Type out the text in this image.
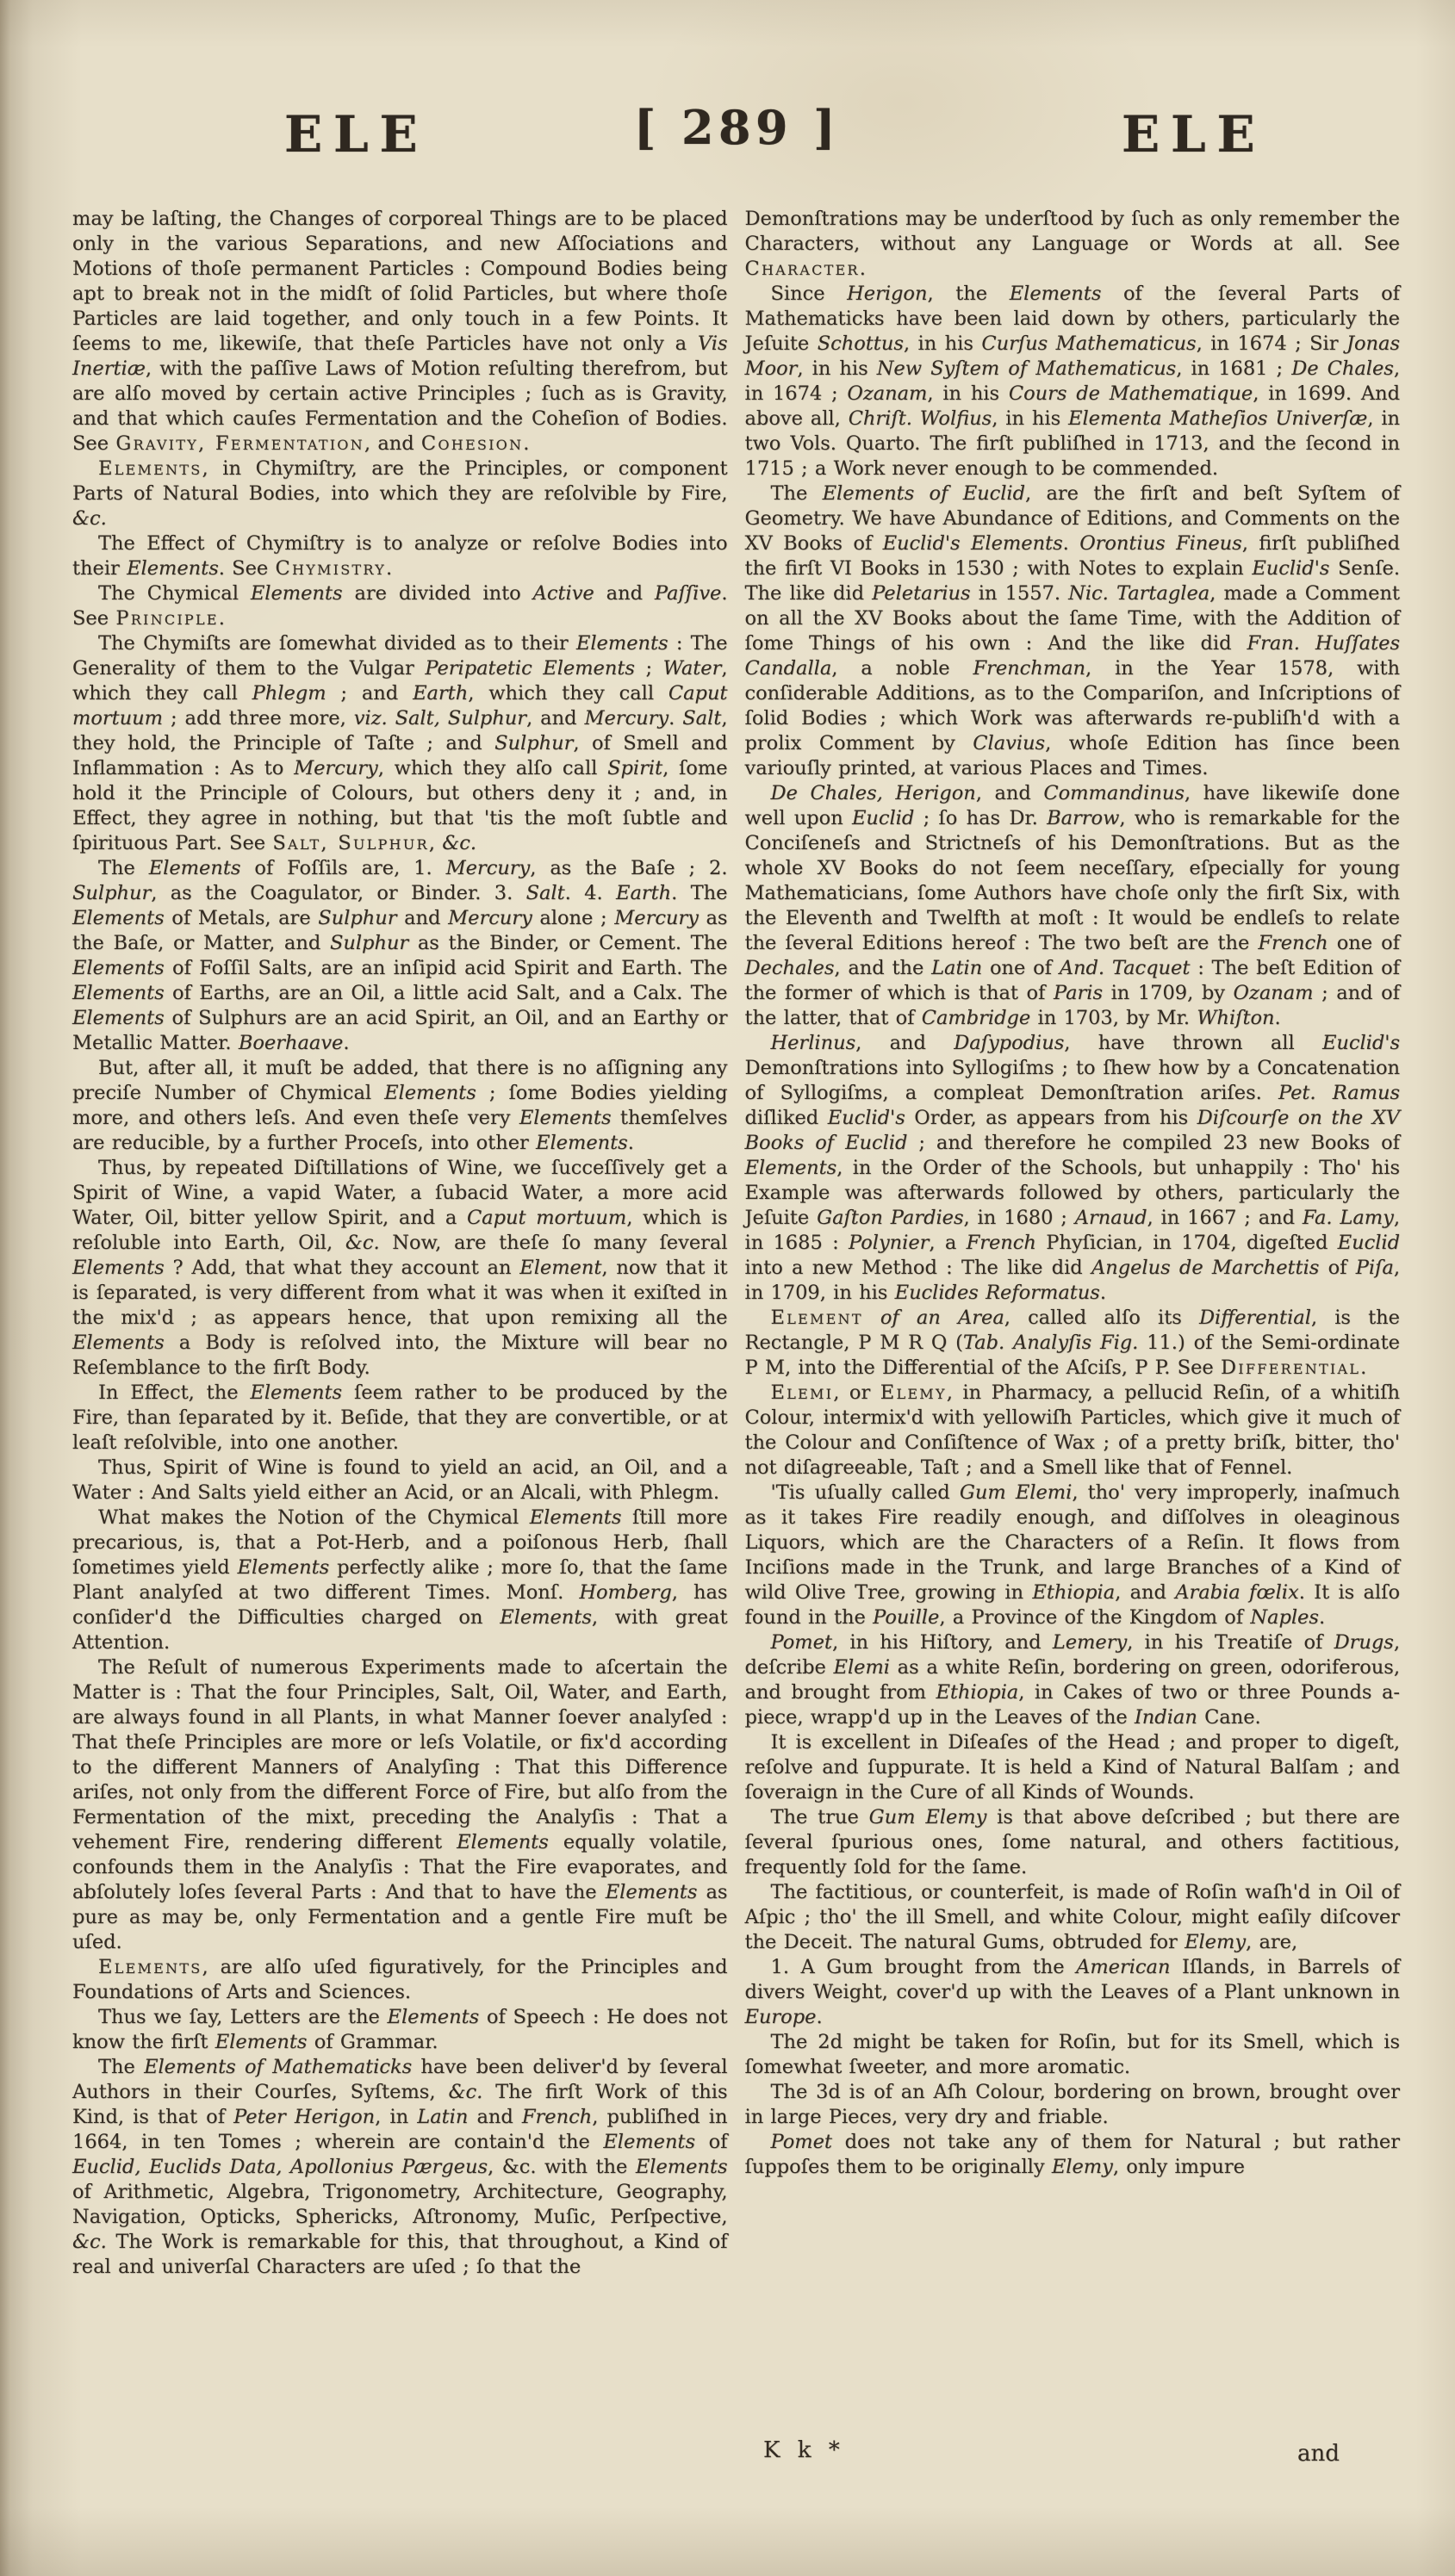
ELE	[ 289 ]	ELE

may be laſting, the Changes of corporeal Things are to be placed only in the various Separations, and new Aſſociations and Motions of thoſe permanent Particles : Compound Bodies being apt to break not in the midſt of ſolid Particles, but where thoſe Particles are laid together, and only touch in a few Points. It ſeems to me, likewiſe, that theſe Particles have not only a Vis Inertiæ, with the paſſive Laws of Motion reſulting therefrom, but are alſo moved by certain active Principles ; ſuch as is Gravity, and that which cauſes Fermentation and the Coheſion of Bodies. See Gravity, Fermentation, and Cohesion.

Elements, in Chymiſtry, are the Principles, or component Parts of Natural Bodies, into which they are reſolvible by Fire, &c.

The Effect of Chymiſtry is to analyze or reſolve Bodies into their Elements. See Chymistry.

The Chymical Elements are divided into Active and Paſſive. See Principle.

The Chymiſts are ſomewhat divided as to their Elements : The Generality of them to the Vulgar Peripatetic Elements ; Water, which they call Phlegm ; and Earth, which they call Caput mortuum ; add three more, viz. Salt, Sulphur, and Mercury. Salt, they hold, the Principle of Taſte ; and Sulphur, of Smell and Inflammation : As to Mercury, which they alſo call Spirit, ſome hold it the Principle of Colours, but others deny it ; and, in Effect, they agree in nothing, but that 'tis the moſt ſubtle and ſpirituous Part. See Salt, Sulphur, &c.

The Elements of Foſſils are, 1. Mercury, as the Baſe ; 2. Sulphur, as the Coagulator, or Binder. 3. Salt. 4. Earth. The Elements of Metals, are Sulphur and Mercury alone ; Mercury as the Baſe, or Matter, and Sulphur as the Binder, or Cement. The Elements of Foſſil Salts, are an inſipid acid Spirit and Earth. The Elements of Earths, are an Oil, a little acid Salt, and a Calx. The Elements of Sulphurs are an acid Spirit, an Oil, and an Earthy or Metallic Matter. Boerhaave.

But, after all, it muſt be added, that there is no aſſigning any preciſe Number of Chymical Elements ; ſome Bodies yielding more, and others leſs. And even theſe very Elements themſelves are reducible, by a further Proceſs, into other Elements.

Thus, by repeated Diſtillations of Wine, we ſucceſſively get a Spirit of Wine, a vapid Water, a ſubacid Water, a more acid Water, Oil, bitter yellow Spirit, and a Caput mortuum, which is reſoluble into Earth, Oil, &c. Now, are theſe ſo many ſeveral Elements ? Add, that what they account an Element, now that it is ſeparated, is very different from what it was when it exiſted in the mix'd ; as appears hence, that upon remixing all the Elements a Body is reſolved into, the Mixture will bear no Reſemblance to the firſt Body.

In Effect, the Elements ſeem rather to be produced by the Fire, than ſeparated by it. Beſide, that they are convertible, or at leaſt reſolvible, into one another.

Thus, Spirit of Wine is found to yield an acid, an Oil, and a Water : And Salts yield either an Acid, or an Alcali, with Phlegm.

What makes the Notion of the Chymical Elements ſtill more precarious, is, that a Pot-Herb, and a poiſonous Herb, ſhall ſometimes yield Elements perfectly alike ; more ſo, that the ſame Plant analyſed at two different Times. Monſ. Homberg, has conſider'd the Difficulties charged on Elements, with great Attention.

The Reſult of numerous Experiments made to aſcertain the Matter is : That the four Principles, Salt, Oil, Water, and Earth, are always found in all Plants, in what Manner ſoever analyſed : That theſe Principles are more or leſs Volatile, or fix'd according to the different Manners of Analyſing : That this Difference ariſes, not only from the different Force of Fire, but alſo from the Fermentation of the mixt, preceding the Analyſis : That a vehement Fire, rendering different Elements equally volatile, confounds them in the Analyſis : That the Fire evaporates, and abſolutely loſes ſeveral Parts : And that to have the Elements as pure as may be, only Fermentation and a gentle Fire muſt be uſed.

Elements, are alſo uſed figuratively, for the Principles and Foundations of Arts and Sciences.

Thus we ſay, Letters are the Elements of Speech : He does not know the firſt Elements of Grammar.

The Elements of Mathematicks have been deliver'd by ſeveral Authors in their Courſes, Syſtems, &c. The firſt Work of this Kind, is that of Peter Herigon, in Latin and French, publiſhed in 1664, in ten Tomes ; wherein are contain'd the Elements of Euclid, Euclids Data, Apollonius Pærgeus, &c. with the Elements of Arithmetic, Algebra, Trigonometry, Architecture, Geography, Navigation, Opticks, Sphericks, Aſtronomy, Muſic, Perſpective, &c. The Work is remarkable for this, that throughout, a Kind of real and univerſal Characters are uſed ; ſo that the

Demonſtrations may be underſtood by ſuch as only remember the Characters, without any Language or Words at all. See Character.

Since Herigon, the Elements of the ſeveral Parts of Mathematicks have been laid down by others, particularly the Jeſuite Schottus, in his Curſus Mathematicus, in 1674 ; Sir Jonas Moor, in his New Syſtem of Mathematicus, in 1681 ; De Chales, in 1674 ; Ozanam, in his Cours de Mathematique, in 1699. And above all, Chriſt. Wolfius, in his Elementa Matheſios Univerſæ, in two Vols. Quarto. The firſt publiſhed in 1713, and the ſecond in 1715 ; a Work never enough to be commended.

The Elements of Euclid, are the firſt and beſt Syſtem of Geometry. We have Abundance of Editions, and Comments on the XV Books of Euclid's Elements. Orontius Fineus, firſt publiſhed the firſt VI Books in 1530 ; with Notes to explain Euclid's Senſe. The like did Peletarius in 1557. Nic. Tartaglea, made a Comment on all the XV Books about the ſame Time, with the Addition of ſome Things of his own : And the like did Fran. Huſſates Candalla, a noble Frenchman, in the Year 1578, with conſiderable Additions, as to the Compariſon, and Inſcriptions of ſolid Bodies ; which Work was afterwards re-publiſh'd with a prolix Comment by Clavius, whoſe Edition has ſince been variouſly printed, at various Places and Times.

De Chales, Herigon, and Commandinus, have likewiſe done well upon Euclid ; ſo has Dr. Barrow, who is remarkable for the Conciſeneſs and Strictneſs of his Demonſtrations. But as the whole XV Books do not ſeem neceſſary, eſpecially for young Mathematicians, ſome Authors have choſe only the firſt Six, with the Eleventh and Twelfth at moſt : It would be endleſs to relate the ſeveral Editions hereof : The two beſt are the French one of Dechales, and the Latin one of And. Tacquet : The beſt Edition of the former of which is that of Paris in 1709, by Ozanam ; and of the latter, that of Cambridge in 1703, by Mr. Whiſton.

Herlinus, and Daſypodius, have thrown all Euclid's Demonſtrations into Syllogiſms ; to ſhew how by a Concatenation of Syllogiſms, a compleat Demonſtration ariſes. Pet. Ramus diſliked Euclid's Order, as appears from his Diſcourſe on the XV Books of Euclid ; and therefore he compiled 23 new Books of Elements, in the Order of the Schools, but unhappily : Tho' his Example was afterwards followed by others, particularly the Jeſuite Gaſton Pardies, in 1680 ; Arnaud, in 1667 ; and Fa. Lamy, in 1685 : Polynier, a French Phyſician, in 1704, digeſted Euclid into a new Method : The like did Angelus de Marchettis of Piſa, in 1709, in his Euclides Reformatus.

Element of an Area, called alſo its Differential, is the Rectangle, P M R Q (Tab. Analyſis Fig. 11.) of the Semi-ordinate P M, into the Differential of the Aſciſs, P P. See Differential.

Elemi, or Elemy, in Pharmacy, a pellucid Reſin, of a whitiſh Colour, intermix'd with yellowiſh Particles, which give it much of the Colour and Conſiſtence of Wax ; of a pretty briſk, bitter, tho' not diſagreeable, Taſt ; and a Smell like that of Fennel.

'Tis uſually called Gum Elemi, tho' very improperly, inaſmuch as it takes Fire readily enough, and diſſolves in oleaginous Liquors, which are the Characters of a Reſin. It flows from Inciſions made in the Trunk, and large Branches of a Kind of wild Olive Tree, growing in Ethiopia, and Arabia fœlix. It is alſo found in the Pouille, a Province of the Kingdom of Naples.

Pomet, in his Hiſtory, and Lemery, in his Treatiſe of Drugs, deſcribe Elemi as a white Reſin, bordering on green, odoriferous, and brought from Ethiopia, in Cakes of two or three Pounds a-piece, wrapp'd up in the Leaves of the Indian Cane.

It is excellent in Diſeaſes of the Head ; and proper to digeſt, reſolve and ſuppurate. It is held a Kind of Natural Balſam ; and ſoveraign in the Cure of all Kinds of Wounds.

The true Gum Elemy is that above deſcribed ; but there are ſeveral ſpurious ones, ſome natural, and others factitious, frequently ſold for the ſame.

The factitious, or counterfeit, is made of Roſin waſh'd in Oil of Aſpic ; tho' the ill Smell, and white Colour, might eaſily diſcover the Deceit. The natural Gums, obtruded for Elemy, are,

1. A Gum brought from the American Iſlands, in Barrels of divers Weight, cover'd up with the Leaves of a Plant unknown in Europe.

The 2d might be taken for Roſin, but for its Smell, which is ſomewhat ſweeter, and more aromatic.

The 3d is of an Aſh Colour, bordering on brown, brought over in large Pieces, very dry and friable.

Pomet does not take any of them for Natural ; but rather ſuppoſes them to be originally Elemy, only impure

K k *	and
